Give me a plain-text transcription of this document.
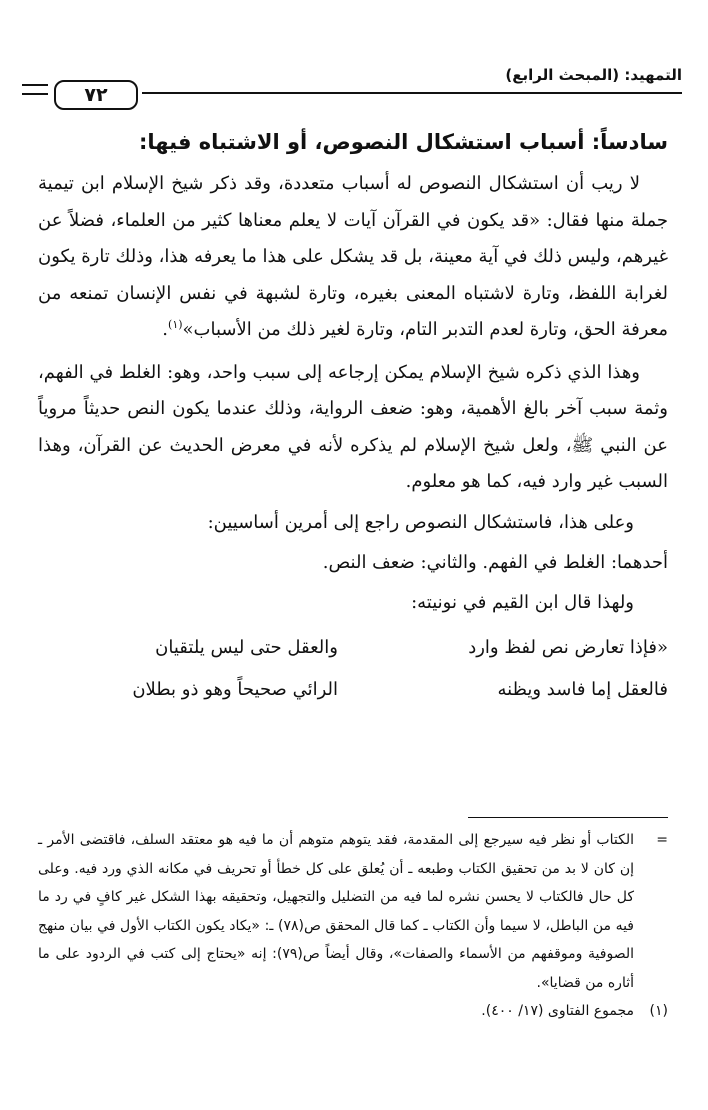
التمهيد: (المبحث الرابع)
٧٢
سادساً: أسباب استشكال النصوص، أو الاشتباه فيها:

لا ريب أن استشكال النصوص له أسباب متعددة، وقد ذكر شيخ الإسلام ابن تيمية جملة منها فقال: «قد يكون في القرآن آيات لا يعلم معناها كثير من العلماء، فضلاً عن غيرهم، وليس ذلك في آية معينة، بل قد يشكل على هذا ما يعرفه هذا، وذلك تارة يكون لغرابة اللفظ، وتارة لاشتباه المعنى بغيره، وتارة لشبهة في نفس الإنسان تمنعه من معرفة الحق، وتارة لعدم التدبر التام، وتارة لغير ذلك من الأسباب»$^{(١)}$.

وهذا الذي ذكره شيخ الإسلام يمكن إرجاعه إلى سبب واحد، وهو: الغلط في الفهم، وثمة سبب آخر بالغ الأهمية، وهو: ضعف الرواية، وذلك عندما يكون النص حديثاً مروياً عن النبي ﷺ، ولعل شيخ الإسلام لم يذكره لأنه في معرض الحديث عن القرآن، وهذا السبب غير وارد فيه، كما هو معلوم.

وعلى هذا، فاستشكال النصوص راجع إلى أمرين أساسيين:

أحدهما: الغلط في الفهم. والثاني: ضعف النص.

ولهذا قال ابن القيم في نونيته:

«فإذا تعارض نص لفظ وارد
والعقل حتى ليس يلتقيان
فالعقل إما فاسد ويظنه
الرائي صحيحاً وهو ذو بطلان
=
الكتاب أو نظر فيه سيرجع إلى المقدمة، فقد يتوهم متوهم أن ما فيه هو معتقد السلف، فاقتضى الأمر ـ إن كان لا بد من تحقيق الكتاب وطبعه ـ أن يُعلق على كل خطأ أو تحريف في مكانه الذي ورد فيه. وعلى كل حال فالكتاب لا يحسن نشره لما فيه من التضليل والتجهيل، وتحقيقه بهذا الشكل غير كافٍ في رد ما فيه من الباطل، لا سيما وأن الكتاب ـ كما قال المحقق ص(٧٨) ـ: «يكاد يكون الكتاب الأول في بيان منهج الصوفية وموقفهم من الأسماء والصفات»، وقال أيضاً ص(٧٩): إنه «يحتاج إلى كتب في الردود على ما أثاره من قضايا».
(١)
مجموع الفتاوى (١٧/ ٤٠٠).
